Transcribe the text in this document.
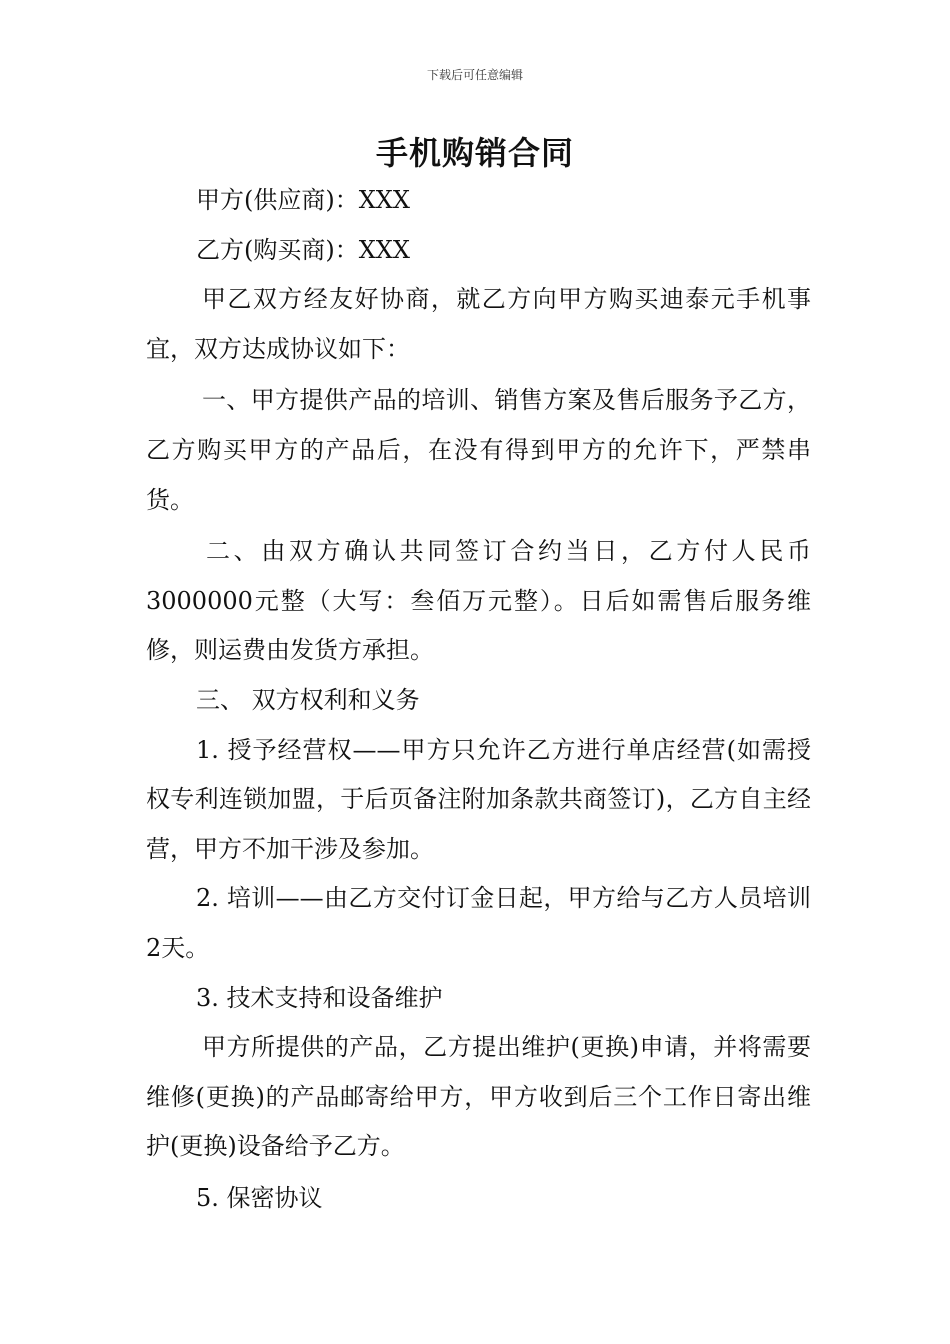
下载后可任意编辑
手机购销合同

甲方(供应商)：XXX

乙方(购买商)：XXX

甲乙双方经友好协商，就乙方向甲方购买迪泰元手机事宜，双方达成协议如下：

一、甲方提供产品的培训、销售方案及售后服务予乙方，乙方购买甲方的产品后，在没有得到甲方的允许下，严禁串货。

二、由双方确认共同签订合约当日，乙方付人民币3000000元整（大写：叁佰万元整）。日后如需售后服务维修，则运费由发货方承担。

三、 双方权利和义务

1. 授予经营权——甲方只允许乙方进行单店经营(如需授权专利连锁加盟，于后页备注附加条款共商签订)，乙方自主经营，甲方不加干涉及参加。

2. 培训——由乙方交付订金日起，甲方给与乙方人员培训2天。

3. 技术支持和设备维护

甲方所提供的产品，乙方提出维护(更换)申请，并将需要维修(更换)的产品邮寄给甲方，甲方收到后三个工作日寄出维护(更换)设备给予乙方。

5. 保密协议
